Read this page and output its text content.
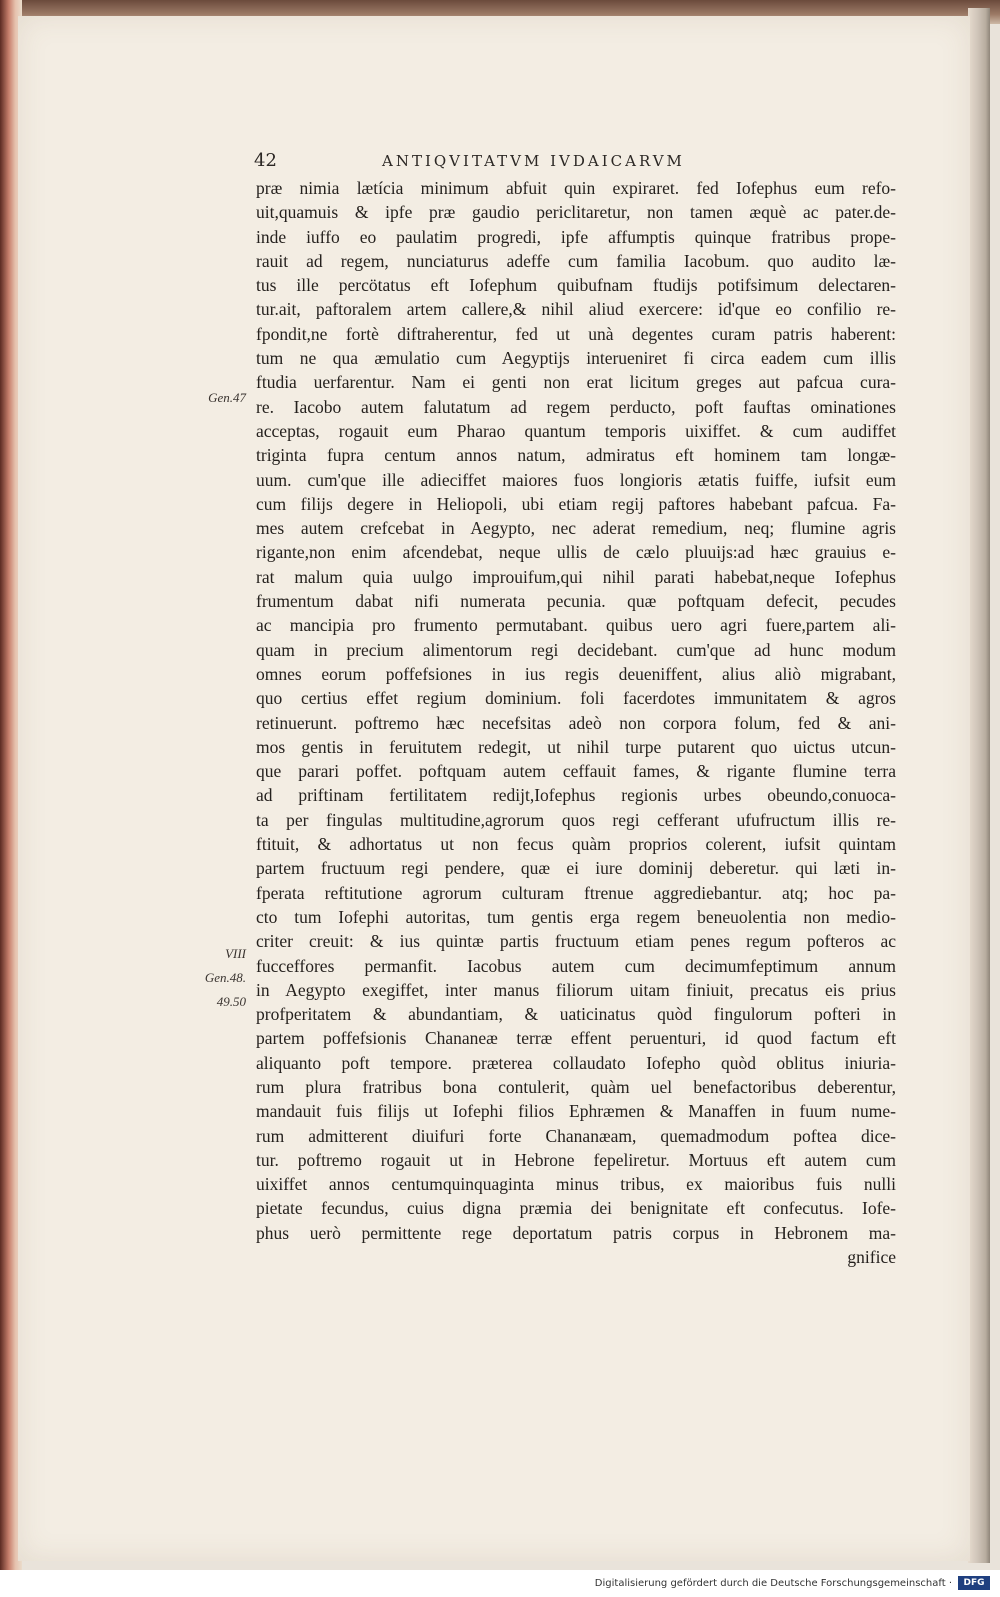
42	ANTIQVITATVM IVDAICARVM
Gen.47
VIII
Gen.48.
49.50
præ nimia lætícia minimum abfuit quin expiraret. fed Iofephus eum refo-
uit,quamuis & ipfe præ gaudio periclitaretur, non tamen æquè ac pater.de-
inde iuffo eo paulatim progredi, ipfe affumptis quinque fratribus prope-
rauit ad regem, nunciaturus adeffe cum familia Iacobum. quo audito læ-
tus ille percötatus eft Iofephum quibufnam ftudijs potifsimum delectaren-
tur.ait, paftoralem artem callere,& nihil aliud exercere: id'que eo confilio re-
fpondit,ne fortè diftraherentur, fed ut unà degentes curam patris haberent:
tum ne qua æmulatio cum Aegyptijs interueniret fi circa eadem cum illis
ftudia uerfarentur. Nam ei genti non erat licitum greges aut pafcua cura-
re. Iacobo autem falutatum ad regem perducto, poft fauftas ominationes
acceptas, rogauit eum Pharao quantum temporis uixiffet. & cum audiffet
triginta fupra centum annos natum, admiratus eft hominem tam longæ-
uum. cum'que ille adieciffet maiores fuos longioris ætatis fuiffe, iufsit eum
cum filijs degere in Heliopoli, ubi etiam regij paftores habebant pafcua. Fa-
mes autem crefcebat in Aegypto, nec aderat remedium, neq; flumine agris
rigante,non enim afcendebat, neque ullis de cælo pluuijs:ad hæc grauius e-
rat malum quia uulgo improuifum,qui nihil parati habebat,neque Iofephus
frumentum dabat nifi numerata pecunia. quæ poftquam defecit, pecudes
ac mancipia pro frumento permutabant. quibus uero agri fuere,partem ali-
quam in precium alimentorum regi decidebant. cum'que ad hunc modum
omnes eorum poffefsiones in ius regis deueniffent, alius aliò migrabant,
quo certius effet regium dominium. foli facerdotes immunitatem & agros
retinuerunt. poftremo hæc necefsitas adeò non corpora folum, fed & ani-
mos gentis in feruitutem redegit, ut nihil turpe putarent quo uictus utcun-
que parari poffet. poftquam autem ceffauit fames, & rigante flumine terra
ad priftinam fertilitatem redijt,Iofephus regionis urbes obeundo,conuoca-
ta per fingulas multitudine,agrorum quos regi cefferant ufufructum illis re-
ftituit, & adhortatus ut non fecus quàm proprios colerent, iufsit quintam
partem fructuum regi pendere, quæ ei iure dominij deberetur. qui læti in-
fperata reftitutione agrorum culturam ftrenue aggrediebantur. atq; hoc pa-
cto tum Iofephi autoritas, tum gentis erga regem beneuolentia non medio-
criter creuit: & ius quintæ partis fructuum etiam penes regum pofteros ac
fucceffores permanfit. Iacobus autem cum decimumfeptimum annum
in Aegypto exegiffet, inter manus filiorum uitam finiuit, precatus eis prius
profperitatem & abundantiam, & uaticinatus quòd fingulorum pofteri in
partem poffefsionis Chananeæ terræ effent peruenturi, id quod factum eft
aliquanto poft tempore. præterea collaudato Iofepho quòd oblitus iniuria-
rum plura fratribus bona contulerit, quàm uel benefactoribus deberentur,
mandauit fuis filijs ut Iofephi filios Ephræmen & Manaffen in fuum nume-
rum admitterent diuifuri forte Chananæam, quemadmodum poftea dice-
tur. poftremo rogauit ut in Hebrone fepeliretur. Mortuus eft autem cum
uixiffet annos centumquinquaginta minus tribus, ex maioribus fuis nulli
pietate fecundus, cuius digna præmia dei benignitate eft confecutus. Iofe-
phus uerò permittente rege deportatum patris corpus in Hebronem ma-
gnifice
Digitalisierung gefördert durch die Deutsche Forschungsgemeinschaft ·	DFG
